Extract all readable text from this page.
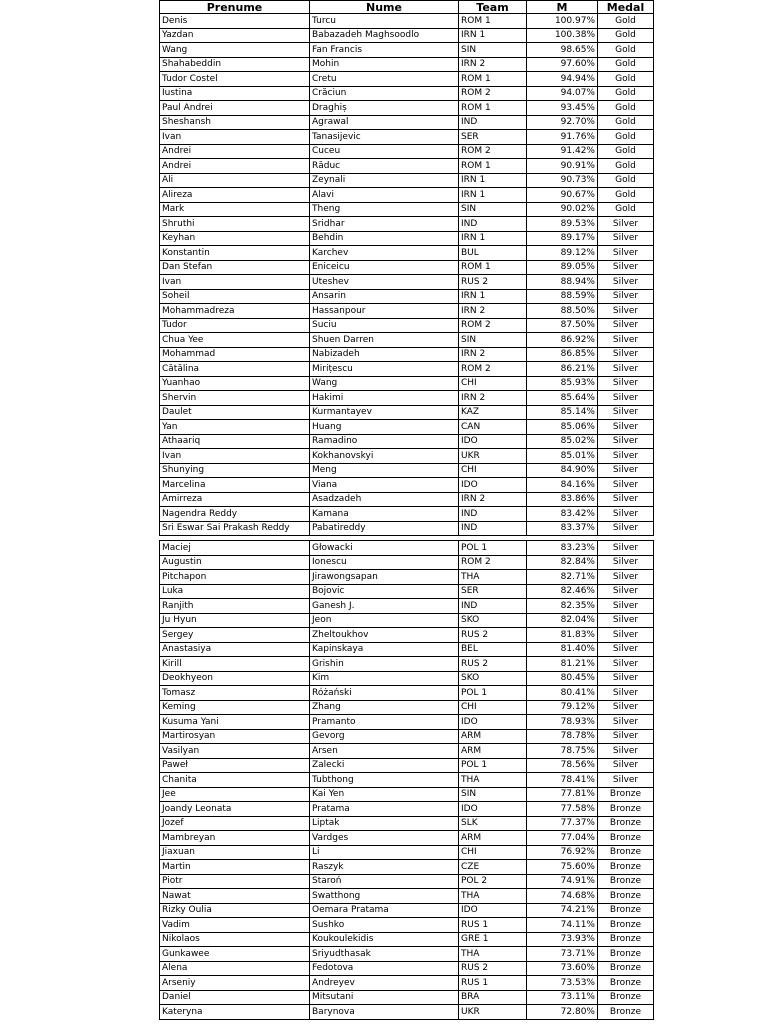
Prenume	Nume	Team	M	Medal
Denis	Turcu	ROM 1	100.97%	Gold
Yazdan	Babazadeh Maghsoodlo	IRN 1	100.38%	Gold
Wang	Fan Francis	SIN	98.65%	Gold
Shahabeddin	Mohin	IRN 2	97.60%	Gold
Tudor Costel	Cretu	ROM 1	94.94%	Gold
Iustina	Crăciun	ROM 2	94.07%	Gold
Paul Andrei	Draghiș	ROM 1	93.45%	Gold
Sheshansh	Agrawal	IND	92.70%	Gold
Ivan	Tanasijevic	SER	91.76%	Gold
Andrei	Cuceu	ROM 2	91.42%	Gold
Andrei	Răduc	ROM 1	90.91%	Gold
Ali	Zeynali	IRN 1	90.73%	Gold
Alireza	Alavi	IRN 1	90.67%	Gold
Mark	Theng	SIN	90.02%	Gold
Shruthi	Sridhar	IND	89.53%	Silver
Keyhan	Behdin	IRN 1	89.17%	Silver
Konstantin	Karchev	BUL	89.12%	Silver
Dan Stefan	Eniceicu	ROM 1	89.05%	Silver
Ivan	Uteshev	RUS 2	88.94%	Silver
Soheil	Ansarin	IRN 1	88.59%	Silver
Mohammadreza	Hassanpour	IRN 2	88.50%	Silver
Tudor	Suciu	ROM 2	87.50%	Silver
Chua Yee	Shuen Darren	SIN	86.92%	Silver
Mohammad	Nabizadeh	IRN 2	86.85%	Silver
Cătălina	Mirițescu	ROM 2	86.21%	Silver
Yuanhao	Wang	CHI	85.93%	Silver
Shervin	Hakimi	IRN 2	85.64%	Silver
Daulet	Kurmantayev	KAZ	85.14%	Silver
Yan	Huang	CAN	85.06%	Silver
Athaariq	Ramadino	IDO	85.02%	Silver
Ivan	Kokhanovskyi	UKR	85.01%	Silver
Shunying	Meng	CHI	84.90%	Silver
Marcelina	Viana	IDO	84.16%	Silver
Amirreza	Asadzadeh	IRN 2	83.86%	Silver
Nagendra Reddy	Kamana	IND	83.42%	Silver
Sri Eswar Sai Prakash Reddy	Pabatireddy	IND	83.37%	Silver

Maciej	Głowacki	POL 1	83.23%	Silver
Augustin	Ionescu	ROM 2	82.84%	Silver
Pitchapon	Jirawongsapan	THA	82.71%	Silver
Luka	Bojovic	SER	82.46%	Silver
Ranjith	Ganesh J.	IND	82.35%	Silver
Ju Hyun	Jeon	SKO	82.04%	Silver
Sergey	Zheltoukhov	RUS 2	81.83%	Silver
Anastasiya	Kapinskaya	BEL	81.40%	Silver
Kirill	Grishin	RUS 2	81.21%	Silver
Deokhyeon	Kim	SKO	80.45%	Silver
Tomasz	Różański	POL 1	80.41%	Silver
Keming	Zhang	CHI	79.12%	Silver
Kusuma Yani	Pramanto	IDO	78.93%	Silver
Martirosyan	Gevorg	ARM	78.78%	Silver
Vasilyan	Arsen	ARM	78.75%	Silver
Paweł	Zalecki	POL 1	78.56%	Silver
Chanita	Tubthong	THA	78.41%	Silver
Jee	Kai Yen	SIN	77.81%	Bronze
Joandy Leonata	Pratama	IDO	77.58%	Bronze
Jozef	Liptak	SLK	77.37%	Bronze
Mambreyan	Vardges	ARM	77.04%	Bronze
Jiaxuan	Li	CHI	76.92%	Bronze
Martin	Raszyk	CZE	75.60%	Bronze
Piotr	Staroń	POL 2	74.91%	Bronze
Nawat	Swatthong	THA	74.68%	Bronze
Rizky Oulia	Oemara Pratama	IDO	74.21%	Bronze
Vadim	Sushko	RUS 1	74.11%	Bronze
Nikolaos	Koukoulekidis	GRE 1	73.93%	Bronze
Gunkawee	Sriyudthasak	THA	73.71%	Bronze
Alena	Fedotova	RUS 2	73.60%	Bronze
Arseniy	Andreyev	RUS 1	73.53%	Bronze
Daniel	Mitsutani	BRA	73.11%	Bronze
Kateryna	Barynova	UKR	72.80%	Bronze
